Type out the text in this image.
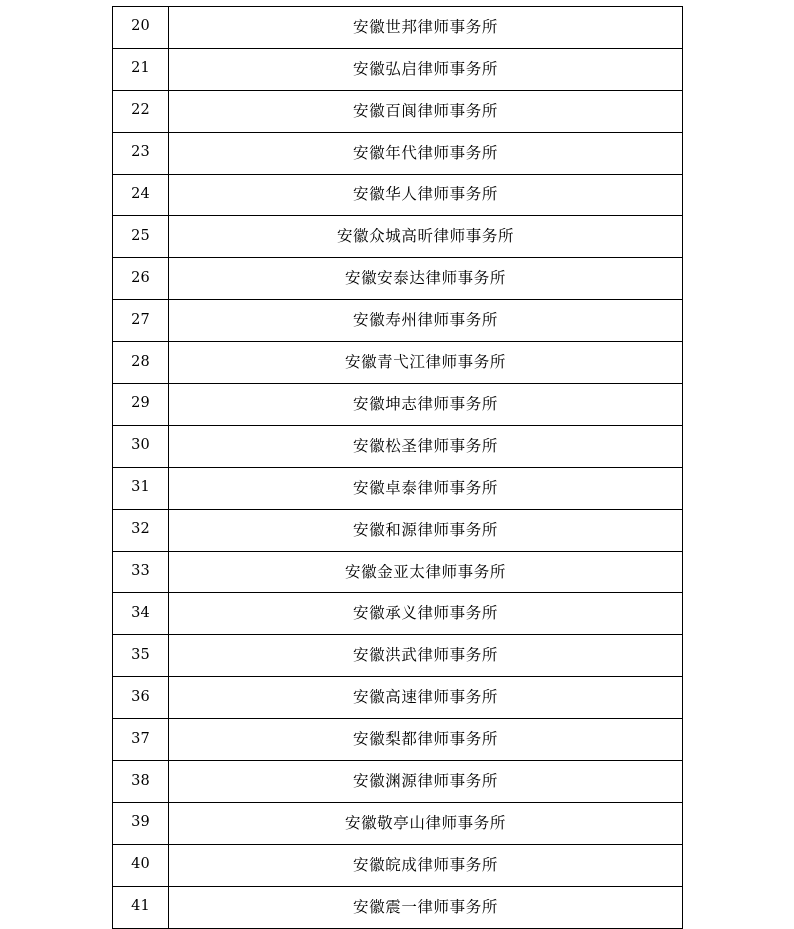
20	安徽世邦律师事务所
21	安徽弘启律师事务所
22	安徽百阆律师事务所
23	安徽年代律师事务所
24	安徽华人律师事务所
25	安徽众城高昕律师事务所
26	安徽安泰达律师事务所
27	安徽寿州律师事务所
28	安徽青弋江律师事务所
29	安徽坤志律师事务所
30	安徽松圣律师事务所
31	安徽卓泰律师事务所
32	安徽和源律师事务所
33	安徽金亚太律师事务所
34	安徽承义律师事务所
35	安徽洪武律师事务所
36	安徽高速律师事务所
37	安徽梨都律师事务所
38	安徽渊源律师事务所
39	安徽敬亭山律师事务所
40	安徽皖成律师事务所
41	安徽震一律师事务所
